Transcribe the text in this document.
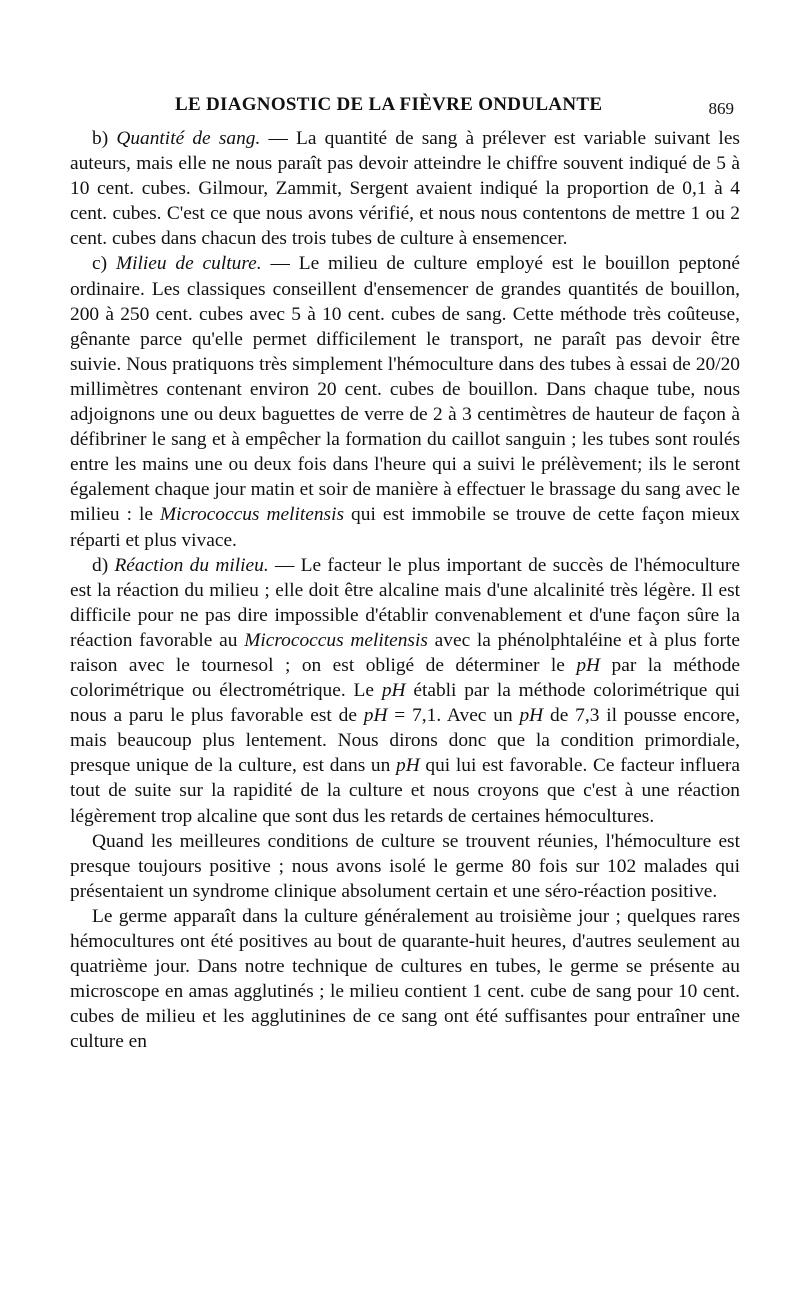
LE DIAGNOSTIC DE LA FIÈVRE ONDULANTE	869

b) Quantité de sang. — La quantité de sang à prélever est variable suivant les auteurs, mais elle ne nous paraît pas devoir atteindre le chiffre souvent indiqué de 5 à 10 cent. cubes. Gilmour, Zammit, Sergent avaient indiqué la proportion de 0,1 à 4 cent. cubes. C'est ce que nous avons vérifié, et nous nous contentons de mettre 1 ou 2 cent. cubes dans chacun des trois tubes de culture à ensemencer.

c) Milieu de culture. — Le milieu de culture employé est le bouillon peptoné ordinaire. Les classiques conseillent d'ensemencer de grandes quantités de bouillon, 200 à 250 cent. cubes avec 5 à 10 cent. cubes de sang. Cette méthode très coûteuse, gênante parce qu'elle permet difficilement le transport, ne paraît pas devoir être suivie. Nous pratiquons très simplement l'hémoculture dans des tubes à essai de 20/20 millimètres contenant environ 20 cent. cubes de bouillon. Dans chaque tube, nous adjoignons une ou deux baguettes de verre de 2 à 3 centimètres de hauteur de façon à défibriner le sang et à empêcher la formation du caillot sanguin ; les tubes sont roulés entre les mains une ou deux fois dans l'heure qui a suivi le prélèvement; ils le seront également chaque jour matin et soir de manière à effectuer le brassage du sang avec le milieu : le Micrococcus melitensis qui est immobile se trouve de cette façon mieux réparti et plus vivace.

d) Réaction du milieu. — Le facteur le plus important de succès de l'hémoculture est la réaction du milieu ; elle doit être alcaline mais d'une alcalinité très légère. Il est difficile pour ne pas dire impossible d'établir convenablement et d'une façon sûre la réaction favorable au Micrococcus melitensis avec la phénolphtaléine et à plus forte raison avec le tournesol ; on est obligé de déterminer le pH par la méthode colorimétrique ou électrométrique. Le pH établi par la méthode colorimétrique qui nous a paru le plus favorable est de pH = 7,1. Avec un pH de 7,3 il pousse encore, mais beaucoup plus lentement. Nous dirons donc que la condition primordiale, presque unique de la culture, est dans un pH qui lui est favorable. Ce facteur influera tout de suite sur la rapidité de la culture et nous croyons que c'est à une réaction légèrement trop alcaline que sont dus les retards de certaines hémocultures.

Quand les meilleures conditions de culture se trouvent réunies, l'hémoculture est presque toujours positive ; nous avons isolé le germe 80 fois sur 102 malades qui présentaient un syndrome clinique absolument certain et une séro-réaction positive.

Le germe apparaît dans la culture généralement au troisième jour ; quelques rares hémocultures ont été positives au bout de quarante-huit heures, d'autres seulement au quatrième jour. Dans notre technique de cultures en tubes, le germe se présente au microscope en amas agglutinés ; le milieu contient 1 cent. cube de sang pour 10 cent. cubes de milieu et les agglutinines de ce sang ont été suffisantes pour entraîner une culture en
